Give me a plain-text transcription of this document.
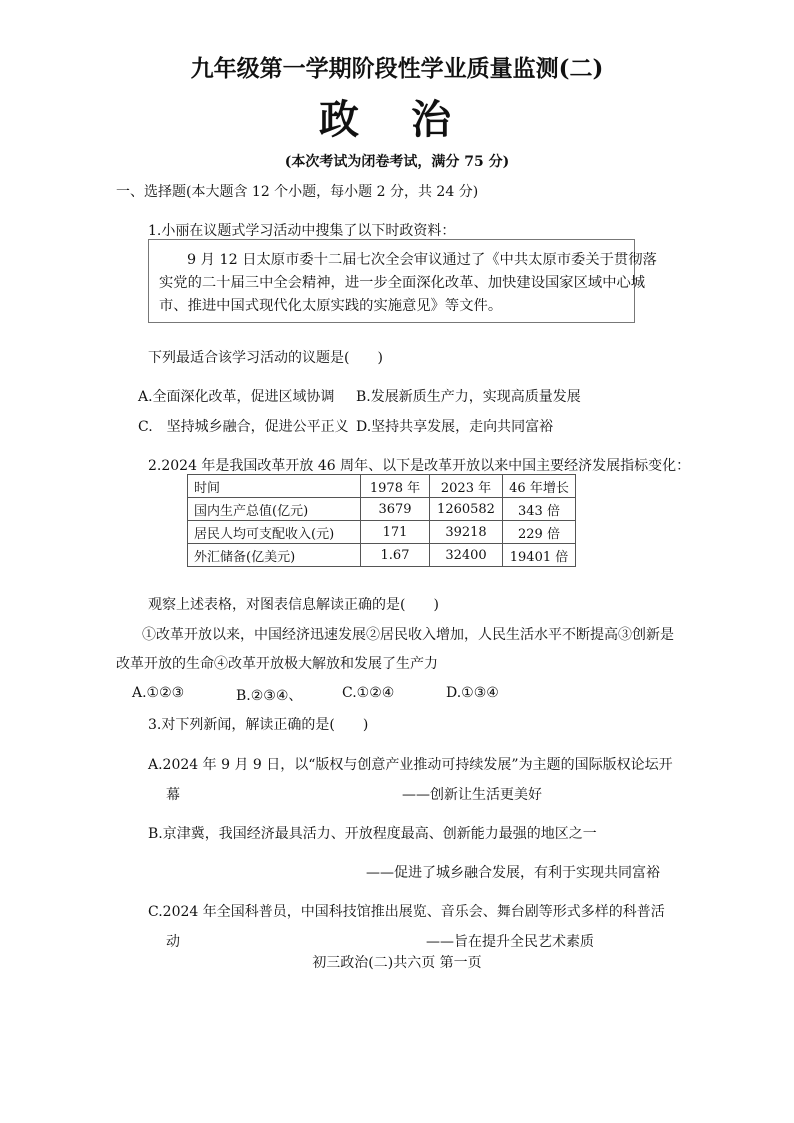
九年级第一学期阶段性学业质量监测(二)
政治
(本次考试为闭卷考试，满分 75 分)
一、选择题(本大题含 12 个小题，每小题 2 分，共 24 分)
1.小丽在议题式学习活动中搜集了以下时政资料：

9 月 12 日太原市委十二届七次全会审议通过了《中共太原市委关于贯彻落

实党的二十届三中全会精神，进一步全面深化改革、加快建设国家区域中心城

市、推进中国式现代化太原实践的实施意见》等文件。

下列最适合该学习活动的议题是(　　)
A.全面深化改革，促进区域协调 B.发展新质生产力，实现高质量发展
C.　坚持城乡融合，促进公平正义 D.坚持共享发展，走向共同富裕
2.2024 年是我国改革开放 46 周年、以下是改革开放以来中国主要经济发展指标变化：
时间	1978 年	2023 年	46 年增长
国内生产总值(亿元)	3679	1260582	343 倍
居民人均可支配收入(元)	171	39218	229 倍
外汇储备(亿美元)	1.67	32400	19401 倍
观察上述表格，对图表信息解读正确的是(　　)
①改革开放以来，中国经济迅速发展②居民收入增加，人民生活水平不断提高③创新是
改革开放的生命④改革开放极大解放和发展了生产力
A.①②③	B.②③④、	C.①②④	D.①③④
3.对下列新闻，解读正确的是(　　)
A.2024 年 9 月 9 日，以“版权与创意产业推动可持续发展”为主题的国际版权论坛开
幕	——创新让生活更美好
B.京津冀，我国经济最具活力、开放程度最高、创新能力最强的地区之一
——促进了城乡融合发展，有利于实现共同富裕
C.2024 年全国科普员，中国科技馆推出展览、音乐会、舞台剧等形式多样的科普活
动	——旨在提升全民艺术素质
初三政治(二)共六页 第一页
